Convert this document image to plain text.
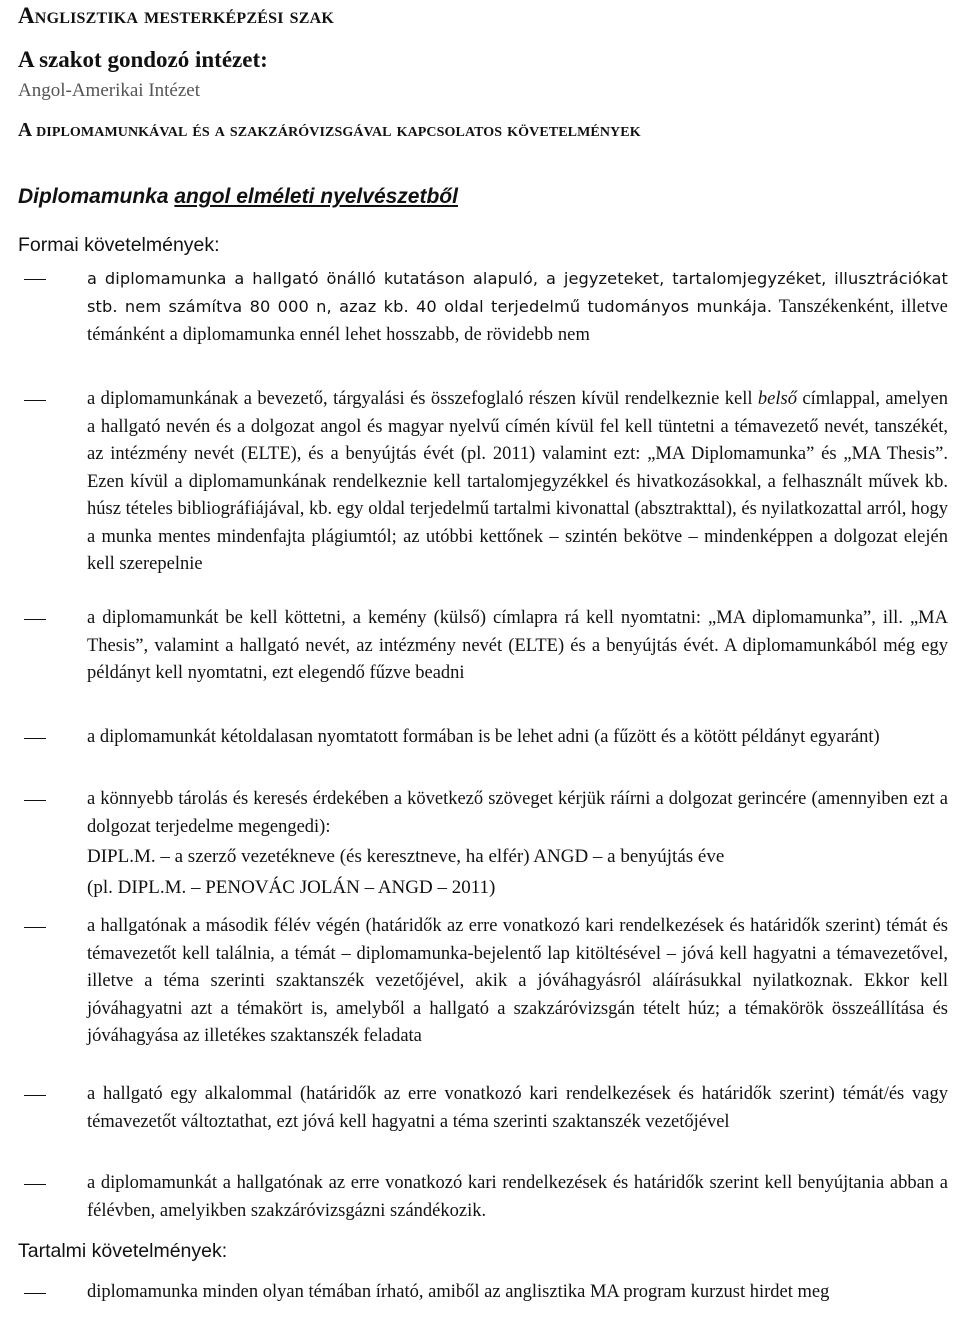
Anglisztika mesterképzési szak
A szakot gondozó intézet:
Angol-Amerikai Intézet
A diplomamunkával és a szakzáróvizsgával kapcsolatos követelmények
Diplomamunka angol elméleti nyelvészetből
Formai követelmények:
a diplomamunka a hallgató önálló kutatáson alapuló, a jegyzeteket, tartalomjegyzéket, illusztrációkat stb. nem számítva 80 000 n, azaz kb. 40 oldal terjedelmű tudományos munkája. Tanszékenként, illetve témánként a diplomamunka ennél lehet hosszabb, de rövidebb nem
a diplomamunkának a bevezető, tárgyalási és összefoglaló részen kívül rendelkeznie kell belső címlappal, amelyen a hallgató nevén és a dolgozat angol és magyar nyelvű címén kívül fel kell tüntetni a témavezető nevét, tanszékét, az intézmény nevét (ELTE), és a benyújtás évét (pl. 2011) valamint ezt: „MA Diplomamunka” és „MA Thesis”. Ezen kívül a diplomamunkának rendelkeznie kell tartalomjegyzékkel és hivatkozásokkal, a felhasznált művek kb. húsz tételes bibliográfiájával, kb. egy oldal terjedelmű tartalmi kivonattal (absztrakttal), és nyilatkozattal arról, hogy a munka mentes mindenfajta plágiumtól; az utóbbi kettőnek – szintén bekötve – mindenképpen a dolgozat elején kell szerepelnie
a diplomamunkát be kell köttetni, a kemény (külső) címlapra rá kell nyomtatni: „MA diplomamunka”, ill. „MA Thesis”, valamint a hallgató nevét, az intézmény nevét (ELTE) és a benyújtás évét. A diplomamunkából még egy példányt kell nyomtatni, ezt elegendő fűzve beadni
a diplomamunkát kétoldalasan nyomtatott formában is be lehet adni (a fűzött és a kötött példányt egyaránt)
a könnyebb tárolás és keresés érdekében a következő szöveget kérjük ráírni a dolgozat gerincére (amennyiben ezt a dolgozat terjedelme megengedi):
DIPL.M. – a szerző vezetékneve (és keresztneve, ha elfér) ANGD – a benyújtás éve
(pl. DIPL.M. – PENOVÁC JOLÁN – ANGD – 2011)
a hallgatónak a második félév végén (határidők az erre vonatkozó kari rendelkezések és határidők szerint) témát és témavezetőt kell találnia, a témát – diplomamunka-bejelentő lap kitöltésével – jóvá kell hagyatni a témavezetővel, illetve a téma szerinti szaktanszék vezetőjével, akik a jóváhagyásról aláírásukkal nyilatkoznak. Ekkor kell jóváhagyatni azt a témakört is, amelyből a hallgató a szakzáróvizsgán tételt húz; a témakörök összeállítása és jóváhagyása az illetékes szaktanszék feladata
a hallgató egy alkalommal (határidők az erre vonatkozó kari rendelkezések és határidők szerint) témát/és vagy témavezetőt változtathat, ezt jóvá kell hagyatni a téma szerinti szaktanszék vezetőjével
a diplomamunkát a hallgatónak az erre vonatkozó kari rendelkezések és határidők szerint kell benyújtania abban a félévben, amelyikben szakzáróvizsgázni szándékozik.
Tartalmi követelmények:
diplomamunka minden olyan témában írható, amiből az anglisztika MA program kurzust hirdet meg
